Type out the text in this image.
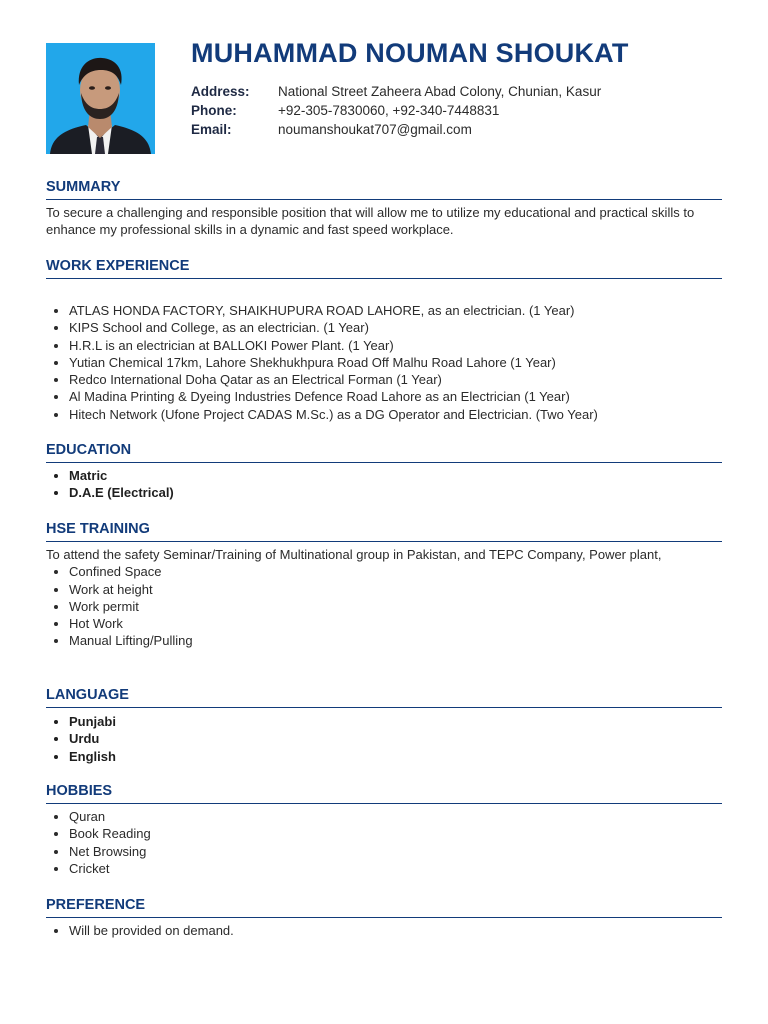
MUHAMMAD NOUMAN SHOUKAT
Address:	National Street Zaheera Abad Colony, Chunian, Kasur
Phone:	+92-305-7830060, +92-340-7448831
Email:	noumanshoukat707@gmail.com
SUMMARY

To secure a challenging and responsible position that will allow me to utilize my educational and practical skills to enhance my professional skills in a dynamic and fast speed workplace.

WORK EXPERIENCE
• ATLAS HONDA FACTORY, SHAIKHUPURA ROAD LAHORE, as an electrician. (1 Year)
• KIPS School and College, as an electrician. (1 Year)
• H.R.L is an electrician at BALLOKI Power Plant. (1 Year)
• Yutian Chemical 17km, Lahore Shekhukhpura Road Off Malhu Road Lahore (1 Year)
• Redco International Doha Qatar as an Electrical Forman (1 Year)
• Al Madina Printing & Dyeing Industries Defence Road Lahore as an Electrician (1 Year)
• Hitech Network (Ufone Project CADAS M.Sc.) as a DG Operator and Electrician. (Two Year)
EDUCATION
• Matric
• D.A.E (Electrical)
HSE TRAINING

To attend the safety Seminar/Training of Multinational group in Pakistan, and TEPC Company, Power plant,

• Confined Space
• Work at height
• Work permit
• Hot Work
• Manual Lifting/Pulling
LANGUAGE
• Punjabi
• Urdu
• English
HOBBIES
• Quran
• Book Reading
• Net Browsing
• Cricket
PREFERENCE
• Will be provided on demand.
